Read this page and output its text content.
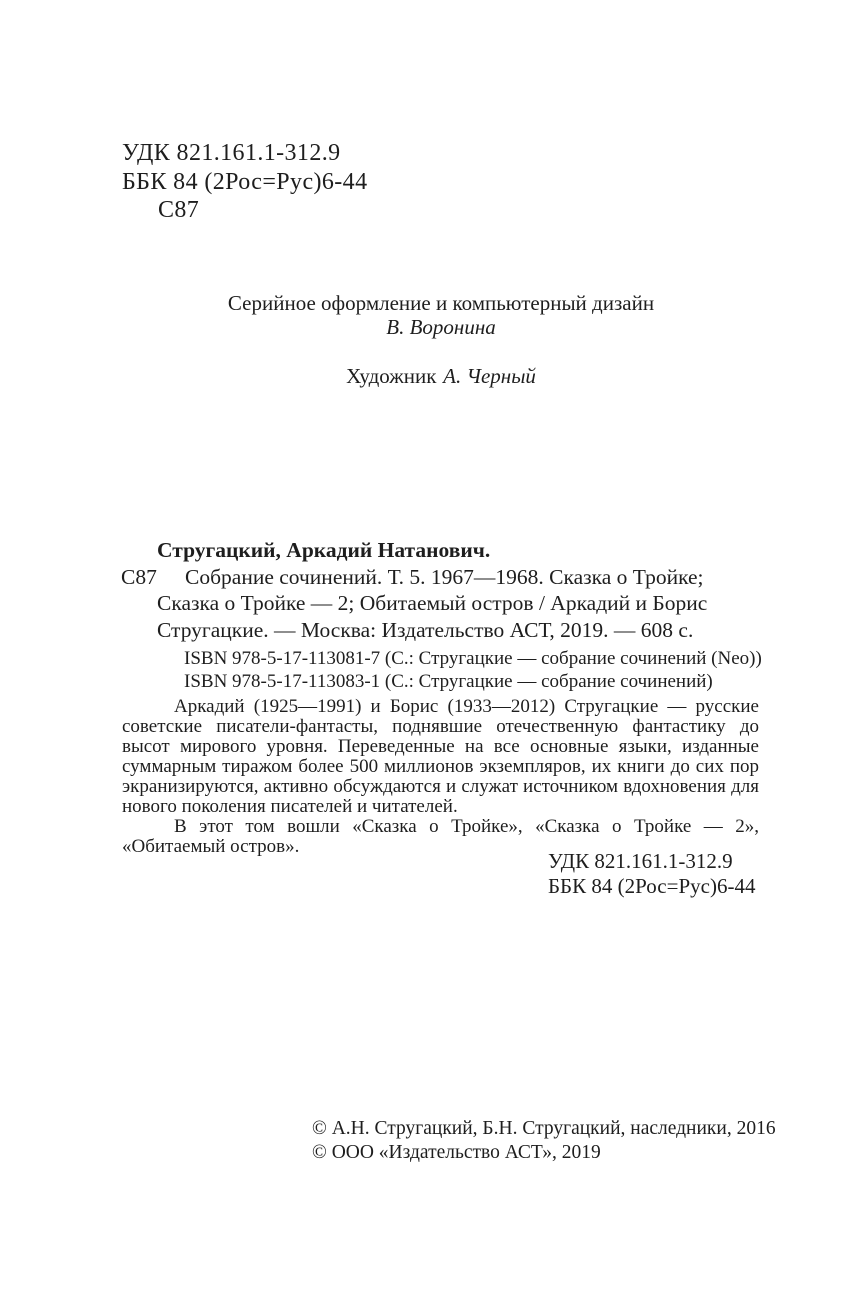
УДК 821.161.1-312.9
ББК 84 (2Рос=Рус)6-44
С87
Серийное оформление и компьютерный дизайн
В. Воронина
Художник А. Черный
Стругацкий, Аркадий Натанович.
С87	Собрание сочинений. Т. 5. 1967—1968. Сказка о Тройке;
Сказка о Тройке — 2; Обитаемый остров / Аркадий и Борис
Стругацкие. — Москва: Издательство АСТ, 2019. — 608 с.
ISBN 978-5-17-113081-7 (С.: Стругацкие — собрание сочинений (Neo))
ISBN 978-5-17-113083-1 (С.: Стругацкие — собрание сочинений)

Аркадий (1925—1991) и Борис (1933—2012) Стругацкие — русские советские писатели-фантасты, поднявшие отечественную фантастику до высот мирового уровня. Переведенные на все основные языки, изданные суммарным тиражом более 500 миллионов экземпляров, их книги до сих пор экранизируются, активно обсуждаются и служат источником вдохновения для нового поколения писателей и читателей.

В этот том вошли «Сказка о Тройке», «Сказка о Тройке — 2», «Обитаемый остров».

УДК 821.161.1-312.9
ББК 84 (2Рос=Рус)6-44
© А.Н. Стругацкий, Б.Н. Стругацкий, наследники, 2016
© ООО «Издательство АСТ», 2019
